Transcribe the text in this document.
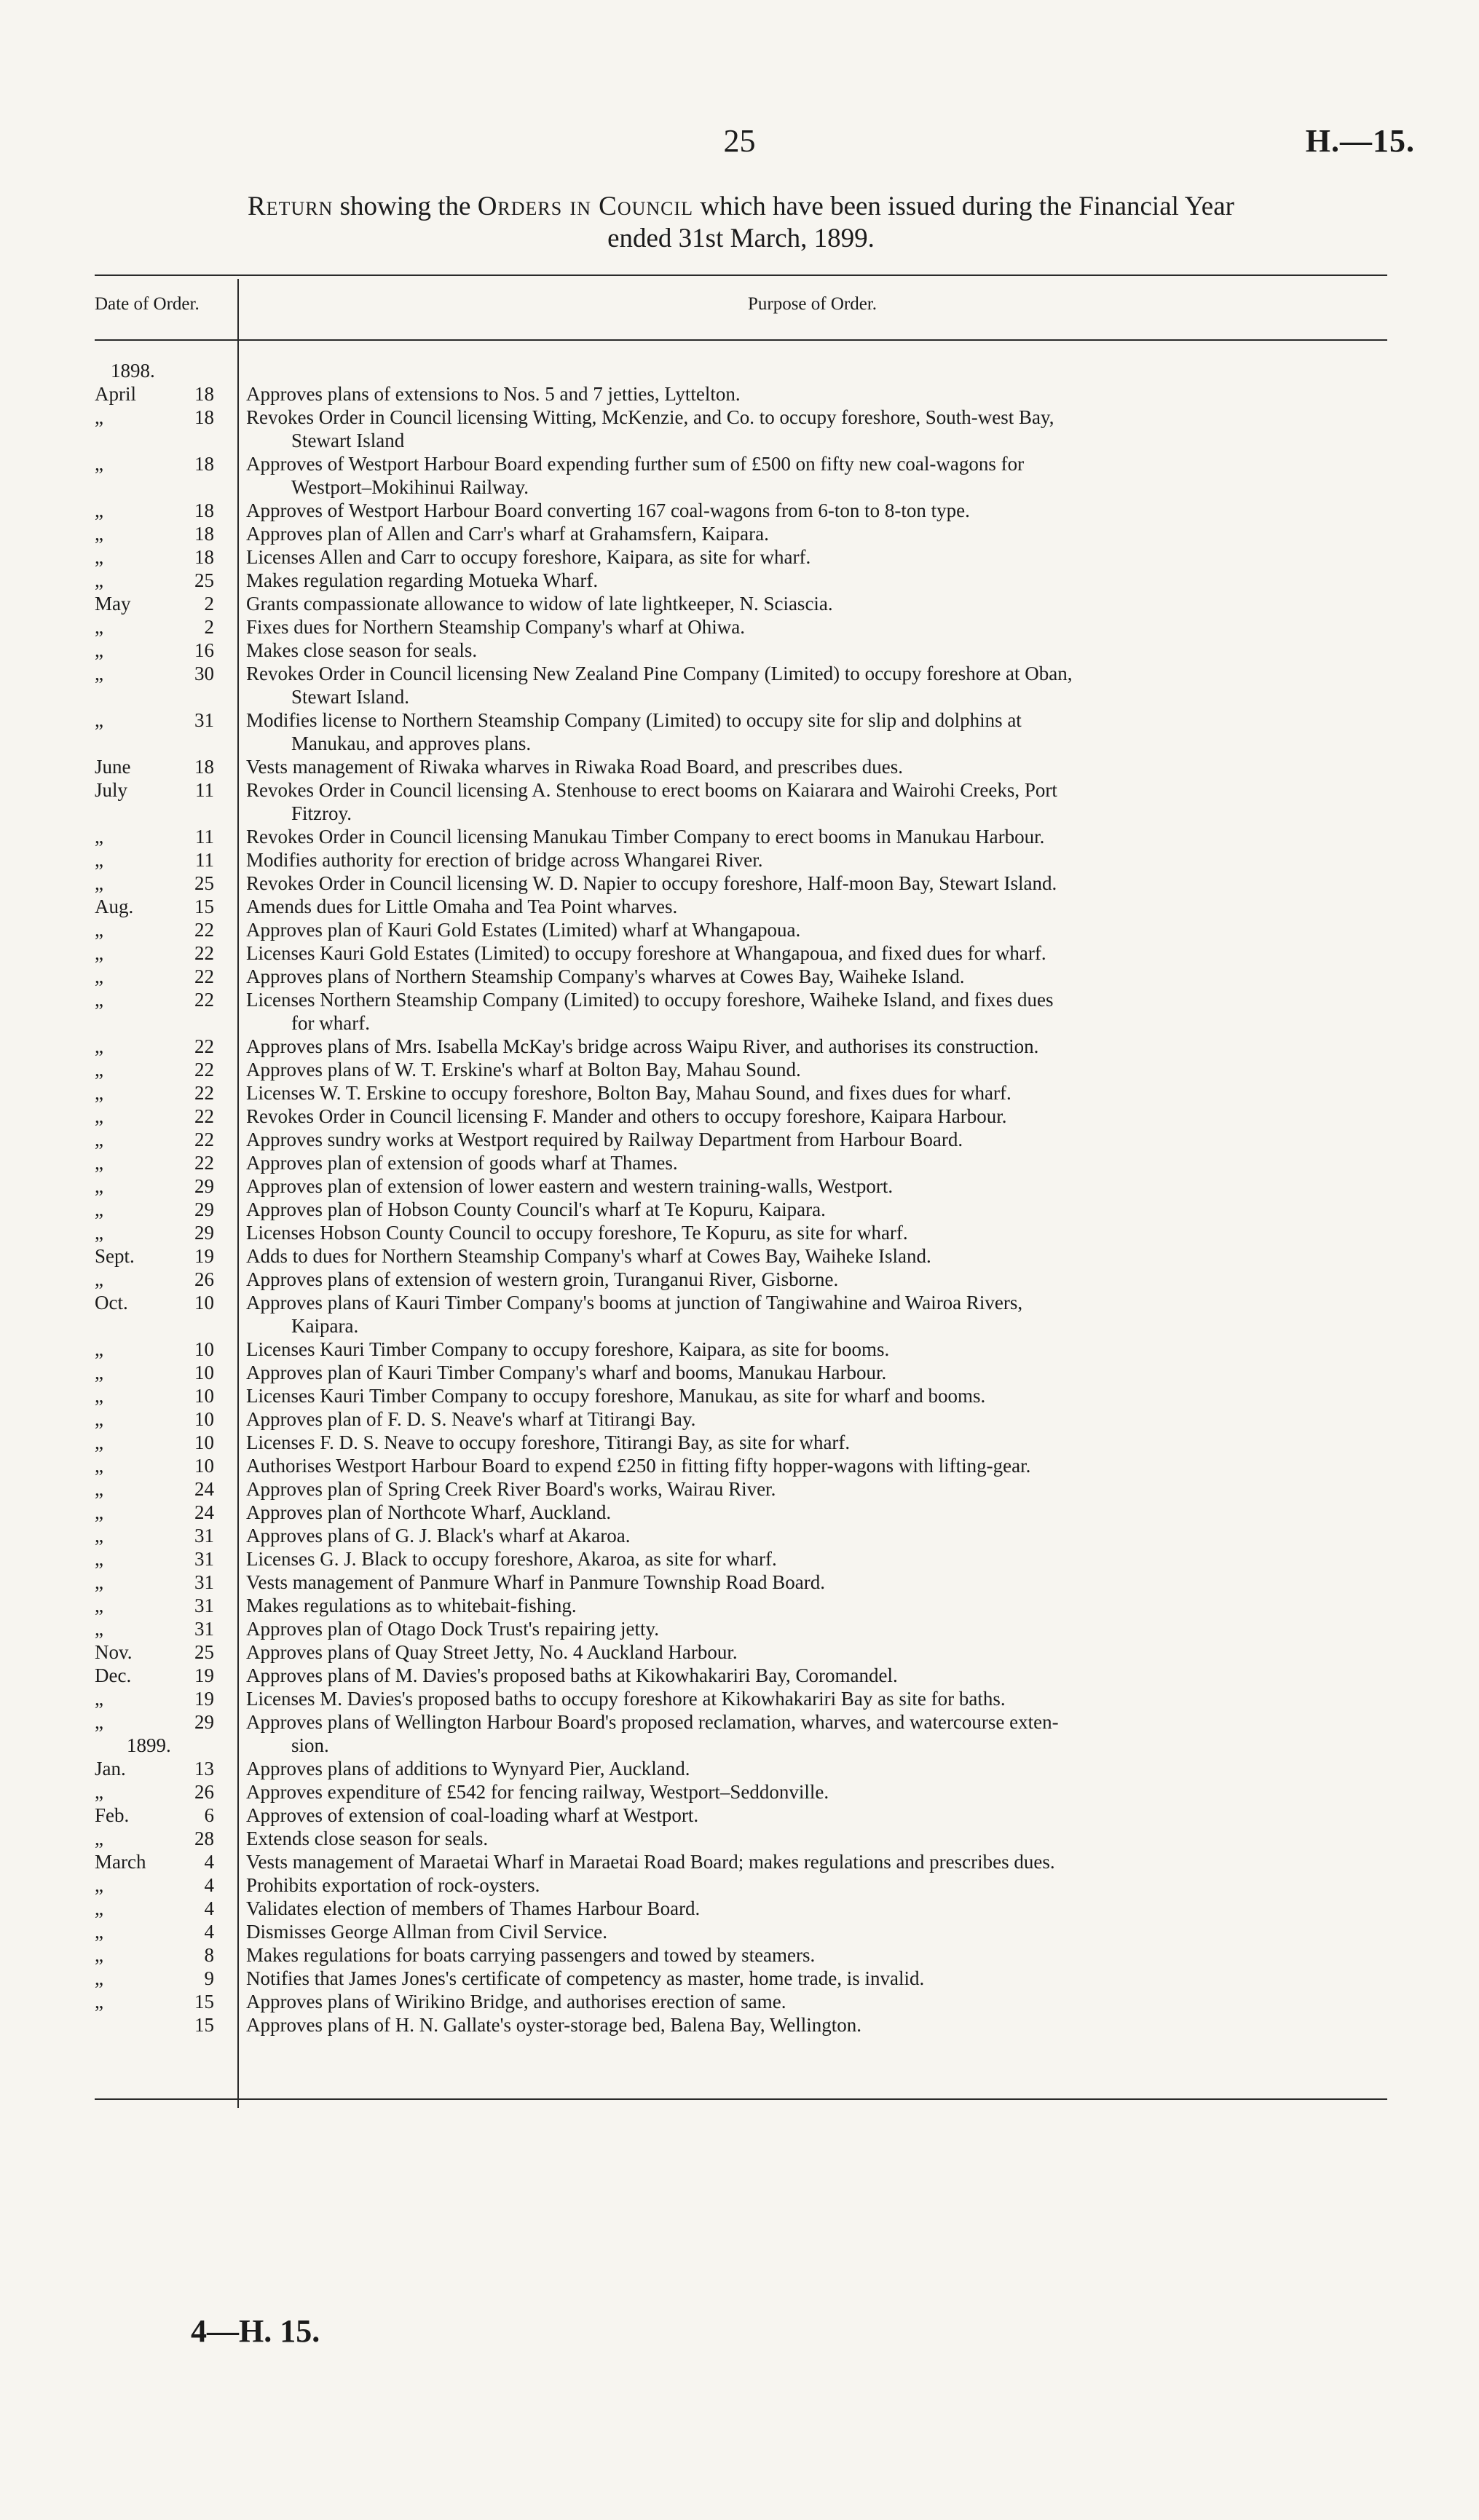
25	H.—15.
Return showing the Orders in Council which have been issued during the Financial Year
ended 31st March, 1899.
Date of Order.	Purpose of Order.
1898.
April	18	Approves plans of extensions to Nos. 5 and 7 jetties, Lyttelton.
„	18	Revokes Order in Council licensing Witting, McKenzie, and Co. to occupy foreshore, South-west Bay,
Stewart Island
„	18	Approves of Westport Harbour Board expending further sum of £500 on fifty new coal-wagons for
Westport–Mokihinui Railway.
„	18	Approves of Westport Harbour Board converting 167 coal-wagons from 6-ton to 8-ton type.
„	18	Approves plan of Allen and Carr's wharf at Grahamsfern, Kaipara.
„	18	Licenses Allen and Carr to occupy foreshore, Kaipara, as site for wharf.
„	25	Makes regulation regarding Motueka Wharf.
May	2	Grants compassionate allowance to widow of late lightkeeper, N. Sciascia.
„	2	Fixes dues for Northern Steamship Company's wharf at Ohiwa.
„	16	Makes close season for seals.
„	30	Revokes Order in Council licensing New Zealand Pine Company (Limited) to occupy foreshore at Oban,
Stewart Island.
„	31	Modifies license to Northern Steamship Company (Limited) to occupy site for slip and dolphins at
Manukau, and approves plans.
June	18	Vests management of Riwaka wharves in Riwaka Road Board, and prescribes dues.
July	11	Revokes Order in Council licensing A. Stenhouse to erect booms on Kaiarara and Wairohi Creeks, Port
Fitzroy.
„	11	Revokes Order in Council licensing Manukau Timber Company to erect booms in Manukau Harbour.
„	11	Modifies authority for erection of bridge across Whangarei River.
„	25	Revokes Order in Council licensing W. D. Napier to occupy foreshore, Half-moon Bay, Stewart Island.
Aug.	15	Amends dues for Little Omaha and Tea Point wharves.
„	22	Approves plan of Kauri Gold Estates (Limited) wharf at Whangapoua.
„	22	Licenses Kauri Gold Estates (Limited) to occupy foreshore at Whangapoua, and fixed dues for wharf.
„	22	Approves plans of Northern Steamship Company's wharves at Cowes Bay, Waiheke Island.
„	22	Licenses Northern Steamship Company (Limited) to occupy foreshore, Waiheke Island, and fixes dues
for wharf.
„	22	Approves plans of Mrs. Isabella McKay's bridge across Waipu River, and authorises its construction.
„	22	Approves plans of W. T. Erskine's wharf at Bolton Bay, Mahau Sound.
„	22	Licenses W. T. Erskine to occupy foreshore, Bolton Bay, Mahau Sound, and fixes dues for wharf.
„	22	Revokes Order in Council licensing F. Mander and others to occupy foreshore, Kaipara Harbour.
„	22	Approves sundry works at Westport required by Railway Department from Harbour Board.
„	22	Approves plan of extension of goods wharf at Thames.
„	29	Approves plan of extension of lower eastern and western training-walls, Westport.
„	29	Approves plan of Hobson County Council's wharf at Te Kopuru, Kaipara.
„	29	Licenses Hobson County Council to occupy foreshore, Te Kopuru, as site for wharf.
Sept.	19	Adds to dues for Northern Steamship Company's wharf at Cowes Bay, Waiheke Island.
„	26	Approves plans of extension of western groin, Turanganui River, Gisborne.
Oct.	10	Approves plans of Kauri Timber Company's booms at junction of Tangiwahine and Wairoa Rivers,
Kaipara.
„	10	Licenses Kauri Timber Company to occupy foreshore, Kaipara, as site for booms.
„	10	Approves plan of Kauri Timber Company's wharf and booms, Manukau Harbour.
„	10	Licenses Kauri Timber Company to occupy foreshore, Manukau, as site for wharf and booms.
„	10	Approves plan of F. D. S. Neave's wharf at Titirangi Bay.
„	10	Licenses F. D. S. Neave to occupy foreshore, Titirangi Bay, as site for wharf.
„	10	Authorises Westport Harbour Board to expend £250 in fitting fifty hopper-wagons with lifting-gear.
„	24	Approves plan of Spring Creek River Board's works, Wairau River.
„	24	Approves plan of Northcote Wharf, Auckland.
„	31	Approves plans of G. J. Black's wharf at Akaroa.
„	31	Licenses G. J. Black to occupy foreshore, Akaroa, as site for wharf.
„	31	Vests management of Panmure Wharf in Panmure Township Road Board.
„	31	Makes regulations as to whitebait-fishing.
„	31	Approves plan of Otago Dock Trust's repairing jetty.
Nov.	25	Approves plans of Quay Street Jetty, No. 4 Auckland Harbour.
Dec.	19	Approves plans of M. Davies's proposed baths at Kikowhakariri Bay, Coromandel.
„	19	Licenses M. Davies's proposed baths to occupy foreshore at Kikowhakariri Bay as site for baths.
„	29	Approves plans of Wellington Harbour Board's proposed reclamation, wharves, and watercourse exten-
sion.
1899.
Jan.	13	Approves plans of additions to Wynyard Pier, Auckland.
„	26	Approves expenditure of £542 for fencing railway, Westport–Seddonville.
Feb.	6	Approves of extension of coal-loading wharf at Westport.
„	28	Extends close season for seals.
March	4	Vests management of Maraetai Wharf in Maraetai Road Board; makes regulations and prescribes dues.
„	4	Prohibits exportation of rock-oysters.
„	4	Validates election of members of Thames Harbour Board.
„	4	Dismisses George Allman from Civil Service.
„	8	Makes regulations for boats carrying passengers and towed by steamers.
„	9	Notifies that James Jones's certificate of competency as master, home trade, is invalid.
„	15	Approves plans of Wirikino Bridge, and authorises erection of same.
15	Approves plans of H. N. Gallate's oyster-storage bed, Balena Bay, Wellington.
4—H. 15.
